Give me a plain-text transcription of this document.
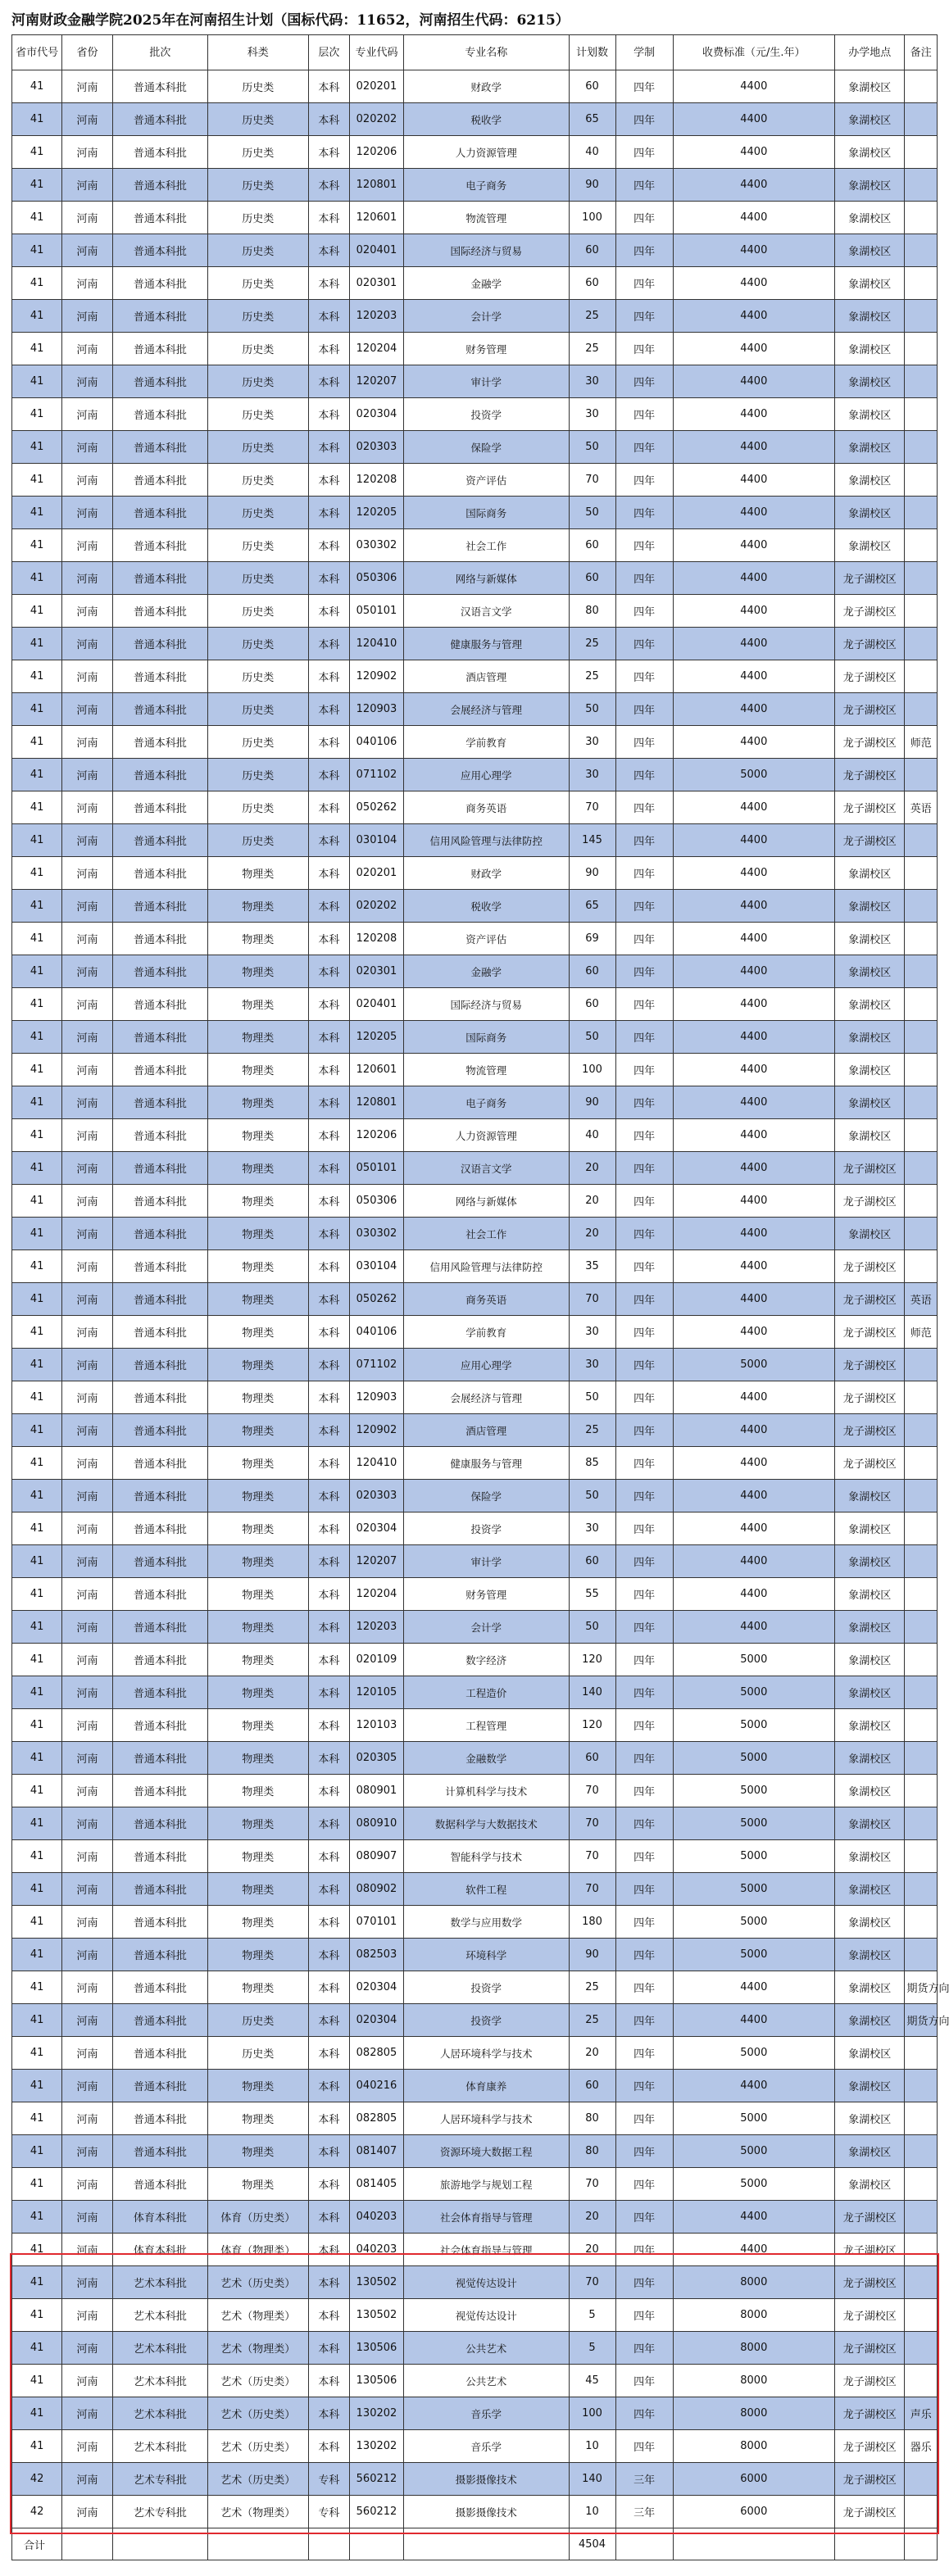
河南财政金融学院2025年在河南招生计划（国标代码：11652，河南招生代码：6215）
省市代号	省份	批次	科类	层次	专业代码	专业名称	计划数	学制	收费标准（元/生.年）	办学地点	备注
41	河南	普通本科批	历史类	本科	020201	财政学	60	四年	4400	象湖校区	
41	河南	普通本科批	历史类	本科	020202	税收学	65	四年	4400	象湖校区	
41	河南	普通本科批	历史类	本科	120206	人力资源管理	40	四年	4400	象湖校区	
41	河南	普通本科批	历史类	本科	120801	电子商务	90	四年	4400	象湖校区	
41	河南	普通本科批	历史类	本科	120601	物流管理	100	四年	4400	象湖校区	
41	河南	普通本科批	历史类	本科	020401	国际经济与贸易	60	四年	4400	象湖校区	
41	河南	普通本科批	历史类	本科	020301	金融学	60	四年	4400	象湖校区	
41	河南	普通本科批	历史类	本科	120203	会计学	25	四年	4400	象湖校区	
41	河南	普通本科批	历史类	本科	120204	财务管理	25	四年	4400	象湖校区	
41	河南	普通本科批	历史类	本科	120207	审计学	30	四年	4400	象湖校区	
41	河南	普通本科批	历史类	本科	020304	投资学	30	四年	4400	象湖校区	
41	河南	普通本科批	历史类	本科	020303	保险学	50	四年	4400	象湖校区	
41	河南	普通本科批	历史类	本科	120208	资产评估	70	四年	4400	象湖校区	
41	河南	普通本科批	历史类	本科	120205	国际商务	50	四年	4400	象湖校区	
41	河南	普通本科批	历史类	本科	030302	社会工作	60	四年	4400	象湖校区	
41	河南	普通本科批	历史类	本科	050306	网络与新媒体	60	四年	4400	龙子湖校区	
41	河南	普通本科批	历史类	本科	050101	汉语言文学	80	四年	4400	龙子湖校区	
41	河南	普通本科批	历史类	本科	120410	健康服务与管理	25	四年	4400	龙子湖校区	
41	河南	普通本科批	历史类	本科	120902	酒店管理	25	四年	4400	龙子湖校区	
41	河南	普通本科批	历史类	本科	120903	会展经济与管理	50	四年	4400	龙子湖校区	
41	河南	普通本科批	历史类	本科	040106	学前教育	30	四年	4400	龙子湖校区	师范
41	河南	普通本科批	历史类	本科	071102	应用心理学	30	四年	5000	龙子湖校区	
41	河南	普通本科批	历史类	本科	050262	商务英语	70	四年	4400	龙子湖校区	英语
41	河南	普通本科批	历史类	本科	030104	信用风险管理与法律防控	145	四年	4400	龙子湖校区	
41	河南	普通本科批	物理类	本科	020201	财政学	90	四年	4400	象湖校区	
41	河南	普通本科批	物理类	本科	020202	税收学	65	四年	4400	象湖校区	
41	河南	普通本科批	物理类	本科	120208	资产评估	69	四年	4400	象湖校区	
41	河南	普通本科批	物理类	本科	020301	金融学	60	四年	4400	象湖校区	
41	河南	普通本科批	物理类	本科	020401	国际经济与贸易	60	四年	4400	象湖校区	
41	河南	普通本科批	物理类	本科	120205	国际商务	50	四年	4400	象湖校区	
41	河南	普通本科批	物理类	本科	120601	物流管理	100	四年	4400	象湖校区	
41	河南	普通本科批	物理类	本科	120801	电子商务	90	四年	4400	象湖校区	
41	河南	普通本科批	物理类	本科	120206	人力资源管理	40	四年	4400	象湖校区	
41	河南	普通本科批	物理类	本科	050101	汉语言文学	20	四年	4400	龙子湖校区	
41	河南	普通本科批	物理类	本科	050306	网络与新媒体	20	四年	4400	龙子湖校区	
41	河南	普通本科批	物理类	本科	030302	社会工作	20	四年	4400	象湖校区	
41	河南	普通本科批	物理类	本科	030104	信用风险管理与法律防控	35	四年	4400	龙子湖校区	
41	河南	普通本科批	物理类	本科	050262	商务英语	70	四年	4400	龙子湖校区	英语
41	河南	普通本科批	物理类	本科	040106	学前教育	30	四年	4400	龙子湖校区	师范
41	河南	普通本科批	物理类	本科	071102	应用心理学	30	四年	5000	龙子湖校区	
41	河南	普通本科批	物理类	本科	120903	会展经济与管理	50	四年	4400	龙子湖校区	
41	河南	普通本科批	物理类	本科	120902	酒店管理	25	四年	4400	龙子湖校区	
41	河南	普通本科批	物理类	本科	120410	健康服务与管理	85	四年	4400	龙子湖校区	
41	河南	普通本科批	物理类	本科	020303	保险学	50	四年	4400	象湖校区	
41	河南	普通本科批	物理类	本科	020304	投资学	30	四年	4400	象湖校区	
41	河南	普通本科批	物理类	本科	120207	审计学	60	四年	4400	象湖校区	
41	河南	普通本科批	物理类	本科	120204	财务管理	55	四年	4400	象湖校区	
41	河南	普通本科批	物理类	本科	120203	会计学	50	四年	4400	象湖校区	
41	河南	普通本科批	物理类	本科	020109	数字经济	120	四年	5000	象湖校区	
41	河南	普通本科批	物理类	本科	120105	工程造价	140	四年	5000	象湖校区	
41	河南	普通本科批	物理类	本科	120103	工程管理	120	四年	5000	象湖校区	
41	河南	普通本科批	物理类	本科	020305	金融数学	60	四年	5000	象湖校区	
41	河南	普通本科批	物理类	本科	080901	计算机科学与技术	70	四年	5000	象湖校区	
41	河南	普通本科批	物理类	本科	080910	数据科学与大数据技术	70	四年	5000	象湖校区	
41	河南	普通本科批	物理类	本科	080907	智能科学与技术	70	四年	5000	象湖校区	
41	河南	普通本科批	物理类	本科	080902	软件工程	70	四年	5000	象湖校区	
41	河南	普通本科批	物理类	本科	070101	数学与应用数学	180	四年	5000	象湖校区	
41	河南	普通本科批	物理类	本科	082503	环境科学	90	四年	5000	象湖校区	
41	河南	普通本科批	物理类	本科	020304	投资学	25	四年	4400	象湖校区	期货方向
41	河南	普通本科批	历史类	本科	020304	投资学	25	四年	4400	象湖校区	期货方向
41	河南	普通本科批	历史类	本科	082805	人居环境科学与技术	20	四年	5000	象湖校区	
41	河南	普通本科批	物理类	本科	040216	体育康养	60	四年	4400	象湖校区	
41	河南	普通本科批	物理类	本科	082805	人居环境科学与技术	80	四年	5000	象湖校区	
41	河南	普通本科批	物理类	本科	081407	资源环境大数据工程	80	四年	5000	象湖校区	
41	河南	普通本科批	物理类	本科	081405	旅游地学与规划工程	70	四年	5000	象湖校区	
41	河南	体育本科批	体育（历史类）	本科	040203	社会体育指导与管理	20	四年	4400	龙子湖校区	
41	河南	体育本科批	体育（物理类）	本科	040203	社会体育指导与管理	20	四年	4400	龙子湖校区	
41	河南	艺术本科批	艺术（历史类）	本科	130502	视觉传达设计	70	四年	8000	龙子湖校区	
41	河南	艺术本科批	艺术（物理类）	本科	130502	视觉传达设计	5	四年	8000	龙子湖校区	
41	河南	艺术本科批	艺术（物理类）	本科	130506	公共艺术	5	四年	8000	龙子湖校区	
41	河南	艺术本科批	艺术（历史类）	本科	130506	公共艺术	45	四年	8000	龙子湖校区	
41	河南	艺术本科批	艺术（历史类）	本科	130202	音乐学	100	四年	8000	龙子湖校区	声乐
41	河南	艺术本科批	艺术（历史类）	本科	130202	音乐学	10	四年	8000	龙子湖校区	器乐
42	河南	艺术专科批	艺术（历史类）	专科	560212	摄影摄像技术	140	三年	6000	龙子湖校区	
42	河南	艺术专科批	艺术（物理类）	专科	560212	摄影摄像技术	10	三年	6000	龙子湖校区	
合计							4504				
